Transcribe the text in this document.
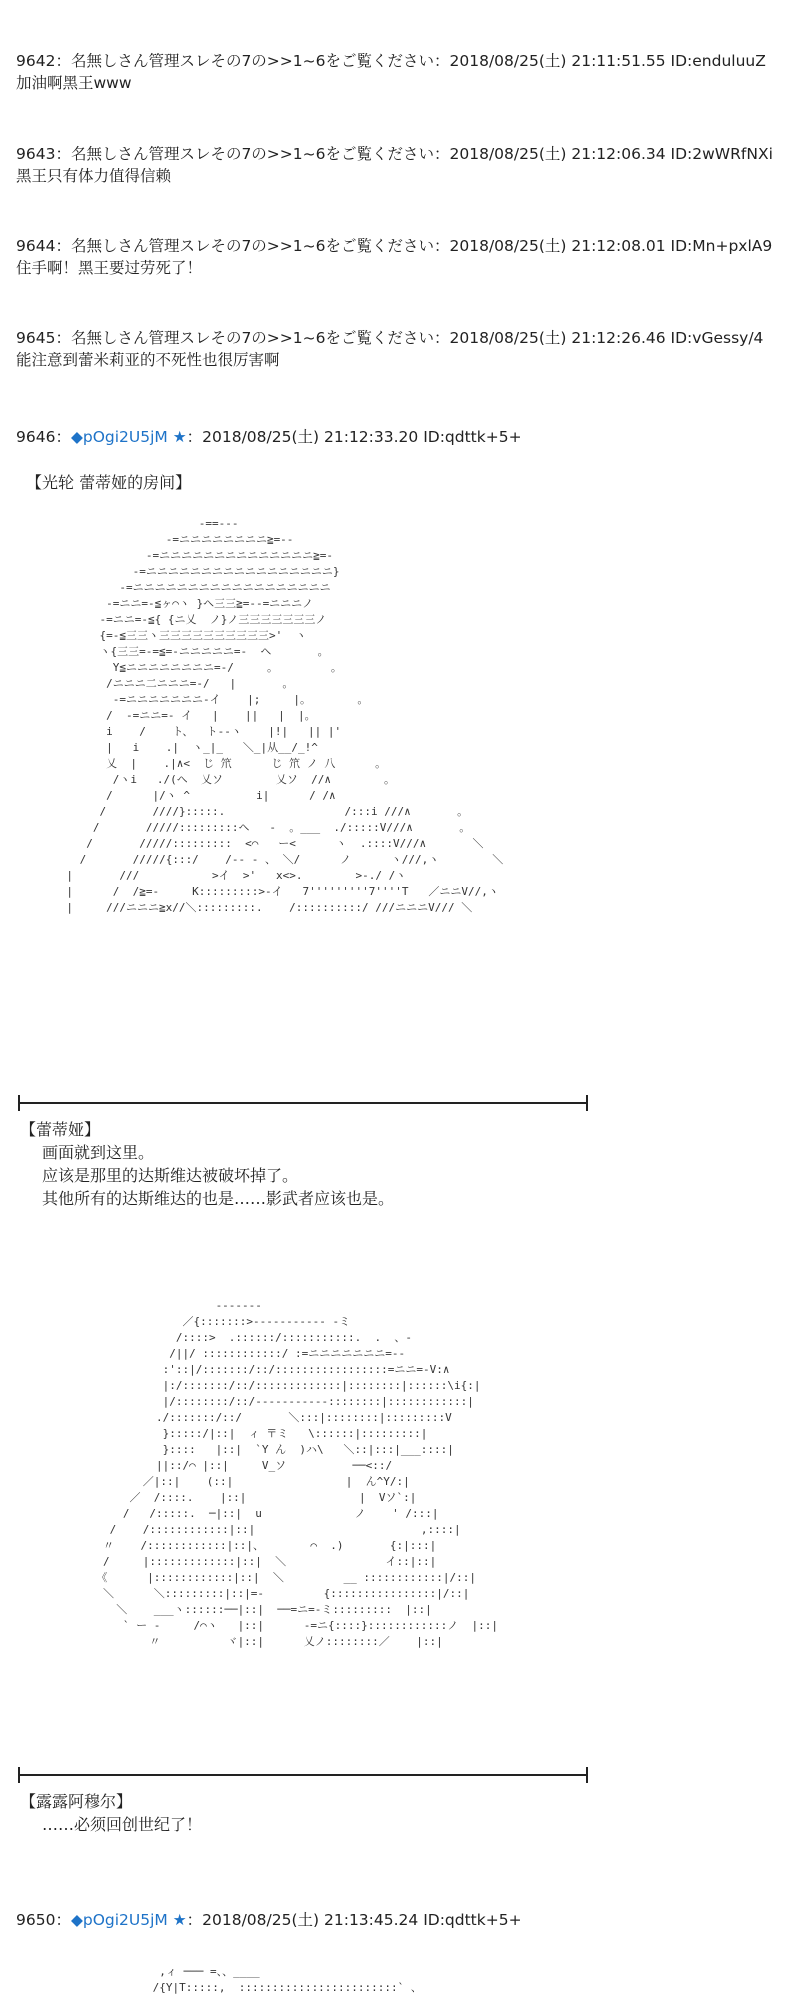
9642：名無しさん管理スレその7の>>1~6をご覧ください：2018/08/25(土) 21:11:51.55 ID:enduluuZ
加油啊黑王www
9643：名無しさん管理スレその7の>>1~6をご覧ください：2018/08/25(土) 21:12:06.34 ID:2wWRfNXi
黑王只有体力值得信赖
9644：名無しさん管理スレその7の>>1~6をご覧ください：2018/08/25(土) 21:12:08.01 ID:Mn+pxlA9
住手啊！黑王要过劳死了！
9645：名無しさん管理スレその7の>>1~6をご覧ください：2018/08/25(土) 21:12:26.46 ID:vGessy/4
能注意到蕾米莉亚的不死性也很厉害啊
9646：◆pOgi2U5jM ★：2018/08/25(土) 21:12:33.20 ID:qdttk+5+
【光轮 蕾蒂娅的房间】
-==---
-=ニニニニニニニニ≧=--
-=ニニニニニニニニニニニニニニ≧=-
-=ニニニニニニニニニニニニニニニニニ}
-=ニニニニニニニニニニニニニニニニニニ
-=ニニ=-≦ヶ⌒ヽ }ヘ三三≧=--=ニニニノ
-=ニニ=-≦{ {ニ乂  ノ}ノ三三三三三三三ノ
{=-≦三三ヽ三三三三三三三三三三>'  ヽ
ヽ{三三=-=≦=-ニニニニニ=-  ヘ       。
Y≦ニニニニニニニニ=-/     。        。
/ニニニ二ニニニ=-/   |       。
-=ニニニニニニニ-イ    |;     |。       。
/  -=ニニ=- イ   |    ||   |  |。
i    /    ト、  ト--ヽ    |!|   || |'
|   i    .|  ヽ_|_   ＼_|从__/_!^
乂  |    .|∧<  じ 笊      じ 笊 ノ 八      。
/ヽi   ./(ヘ  乂ソ        乂ソ  //∧        。
/      |/ヽ ^          i|      / /∧
/       ////}:::::.                  /:::i ///∧       。
/       /////:::::::::ヘ   -  。___  ./:::::V///∧       。
/       /////:::::::::  <⌒   ー<      ヽ  .::::V///∧       ＼
/       /////{:::/    /-- - 、 ＼/	ノ      ヽ///,ヽ        ＼
|       ///           >イ  >'   x<>.        >-./ /ヽ
|      /  /≧=-     K:::::::::>-イ   7'''''''''7''''T   ／ニニV//,ヽ
|     ///ニニニ≧x//＼:::::::::.    /::::::::::/ ///ニニニV/// ＼
【蕾蒂娅】
画面就到这里。
应该是那里的达斯维达被破坏掉了。
其他所有的达斯维达的也是……影武者应该也是。
-------
／{:::::::>----------- -ミ
/::::>  .::::::/:::::::::::.  .  、-
/||/ ::::::::::::/ :=ニニニニニニニ=--
:'::|/:::::::/::/:::::::::::::::::=ニニ=-V:∧
|:/:::::::/::/:::::::::::::|::::::::|::::::\i{:|
|/::::::::/::/-----------::::::::|::::::::::::|
./:::::::/::/       ＼:::|::::::::|:::::::::V
}:::::/|::|  ィ 〒ミ   \::::::|:::::::::|
}::::   |::|  `Y ん  )ハ\   ＼::|:::|___::::|
||::/⌒ |::|     V_ソ          ──<::/
／|::|    (::|                 |  ん^Y/:|
／  /::::.    |::|                 |  Vソ`:|
/   /:::::.  ─|::|  u              ノ    ' /:::|
/    /::::::::::::|::|                         ,::::|
〃    /::::::::::::|::|、       ⌒  .)       {:|:::|
/     |:::::::::::::|::|  ＼               イ::|::|
《      |::::::::::::|::|  ＼         __ ::::::::::::|/::|
＼      ＼:::::::::|::|=-         {::::::::::::::::|/::|
＼    ___ヽ::::::──|::|  ──=ニ=-ミ:::::::::  |::|
` ー -     /⌒ヽ   |::|      -=ニ{::::}::::::::::::ノ  |::|
〃          ヾ|::|      乂ノ::::::::／    |::|
【露露阿穆尔】
……必须回创世纪了！
9650：◆pOgi2U5jM ★：2018/08/25(土) 21:13:45.24 ID:qdttk+5+
,ィ ─── =、、____
/{Y|T:::::,  ::::::::::::::::::::::::` 、
